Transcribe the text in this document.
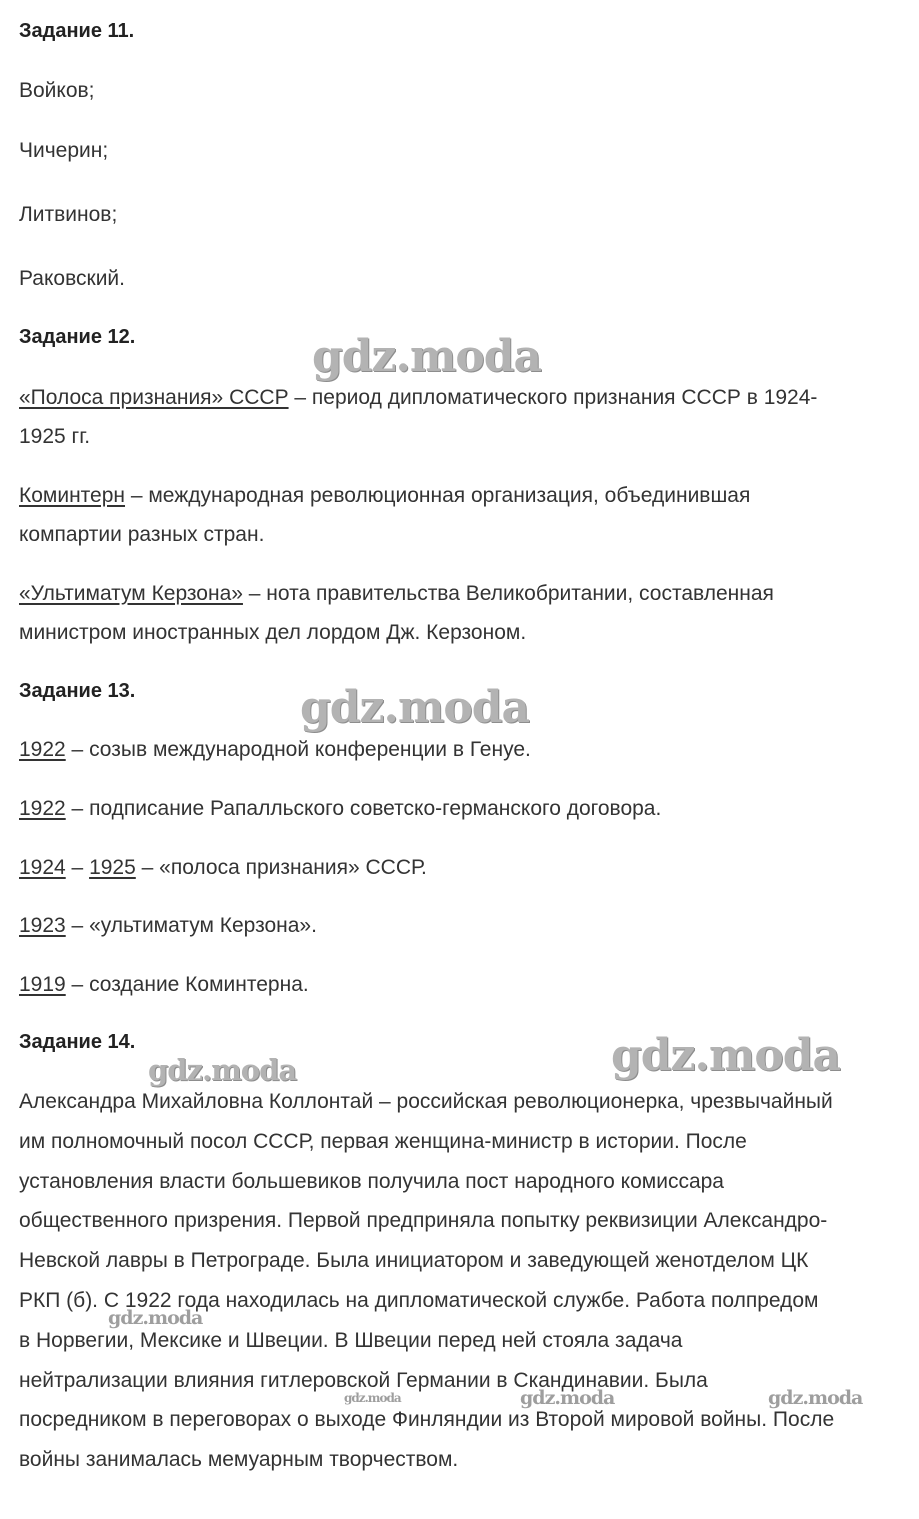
Задание 11.
Войков;
Чичерин;
Литвинов;
Раковский.
Задание 12.
«Полоса признания» СССР – период дипломатического признания СССР в 1924-
1925 гг.
Коминтерн – международная революционная организация, объединившая
компартии разных стран.
«Ультиматум Керзона» – нота правительства Великобритании, составленная
министром иностранных дел лордом Дж. Керзоном.
Задание 13.
1922 – созыв международной конференции в Генуе.
1922 – подписание Рапалльского советско-германского договора.
1924 – 1925 – «полоса признания» СССР.
1923 – «ультиматум Керзона».
1919 – создание Коминтерна.
Задание 14.
Александра Михайловна Коллонтай – российская революционерка, чрезвычайный
им полномочный посол СССР, первая женщина-министр в истории. После
установления власти большевиков получила пост народного комиссара
общественного призрения. Первой предприняла попытку реквизиции Александро-
Невской лавры в Петрограде. Была инициатором и заведующей женотделом ЦК
РКП (б). С 1922 года находилась на дипломатической службе. Работа полпредом
в Норвегии, Мексике и Швеции. В Швеции перед ней стояла задача
нейтрализации влияния гитлеровской Германии в Скандинавии. Была
посредником в переговорах о выходе Финляндии из Второй мировой войны. После
войны занималась мемуарным творчеством.
gdz.moda
gdz.moda
gdz.moda
gdz.moda
gdz.moda
gdz.moda	gdz.moda	gdz.moda
